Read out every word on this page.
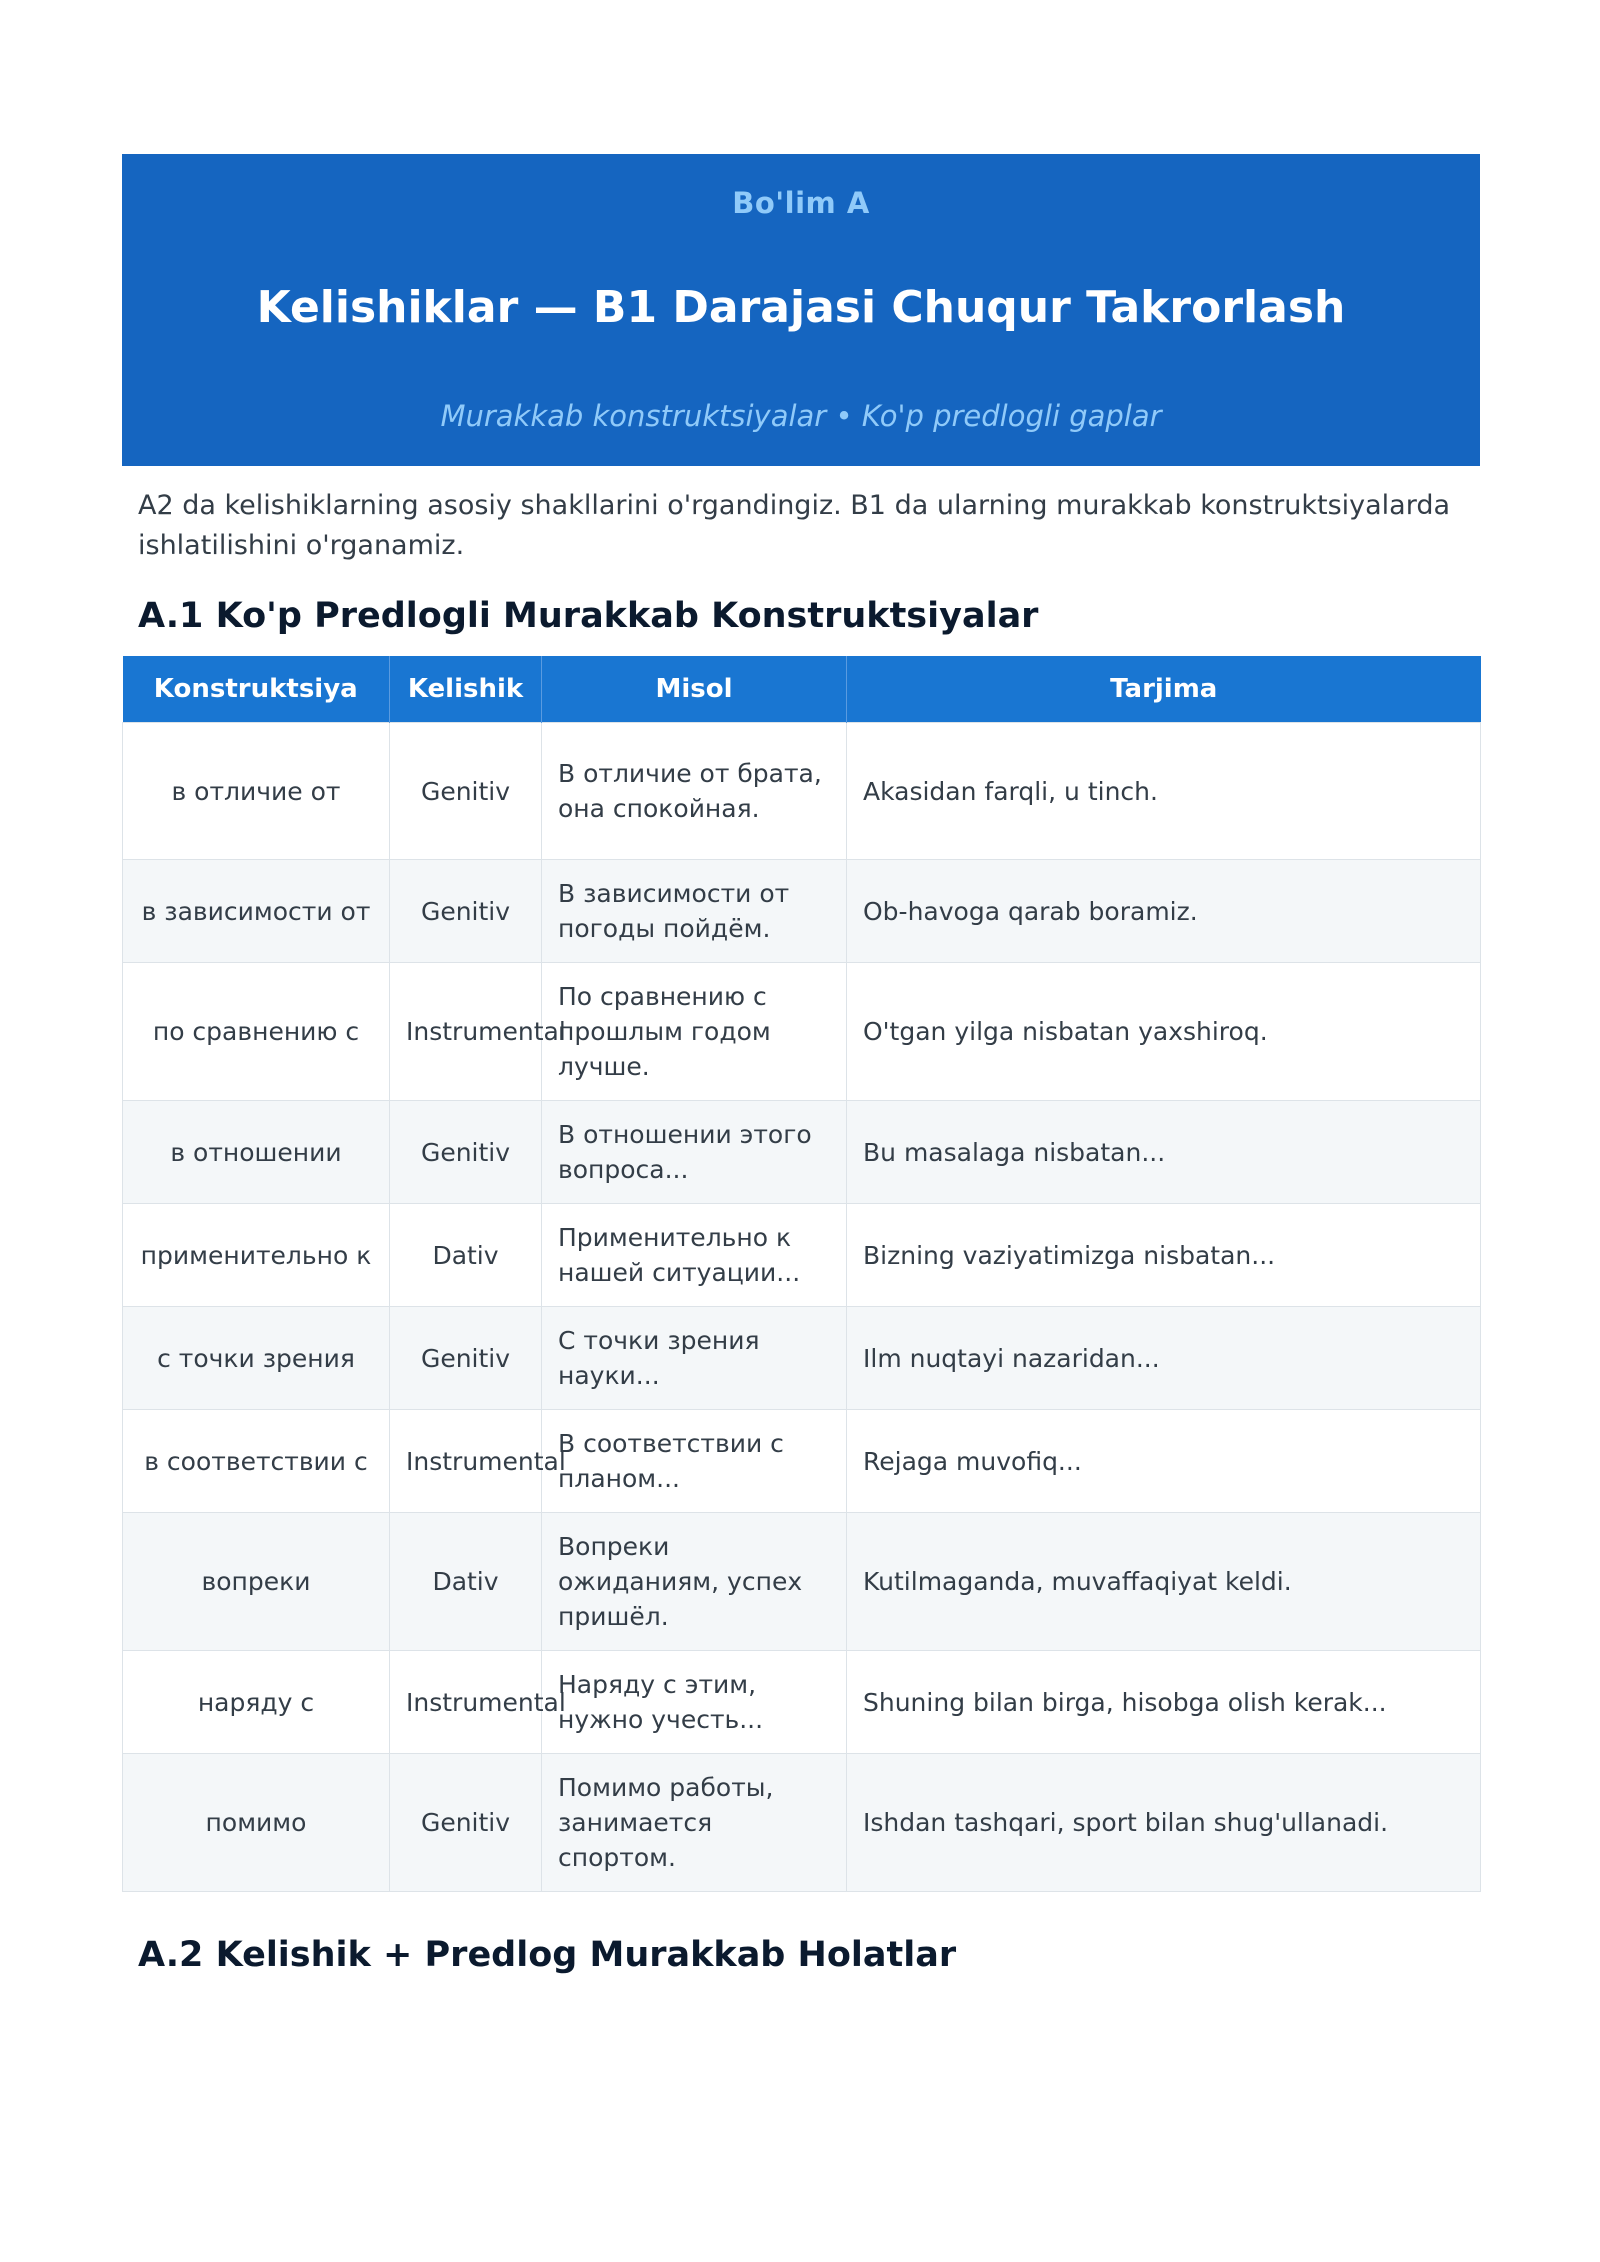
Bo'lim A
Kelishiklar — B1 Darajasi Chuqur Takrorlash
Murakkab konstruktsiyalar • Ko'p predlogli gaplar
A2 da kelishiklarning asosiy shakllarini o'rgandingiz. B1 da ularning murakkab konstruktsiyalarda ishlatilishini o'rganamiz.
A.1 Ko'p Predlogli Murakkab Konstruktsiyalar
Konstruktsiya	Kelishik	Misol	Tarjima
в отличие от	Genitiv	В отличие от брата, она спокойная.	Akasidan farqli, u tinch.
в зависимости от	Genitiv	В зависимости от погоды пойдём.	Ob-havoga qarab boramiz.
по сравнению с	Instrumental	По сравнению с прошлым годом лучше.	O'tgan yilga nisbatan yaxshiroq.
в отношении	Genitiv	В отношении этого вопроса...	Bu masalaga nisbatan...
применительно к	Dativ	Применительно к нашей ситуации...	Bizning vaziyatimizga nisbatan...
с точки зрения	Genitiv	С точки зрения науки...	Ilm nuqtayi nazaridan...
в соответствии с	Instrumental	В соответствии с планом...	Rejaga muvofiq...
вопреки	Dativ	Вопреки ожиданиям, успех пришёл.	Kutilmaganda, muvaffaqiyat keldi.
наряду с	Instrumental	Наряду с этим, нужно учесть...	Shuning bilan birga, hisobga olish kerak...
помимо	Genitiv	Помимо работы, занимается спортом.	Ishdan tashqari, sport bilan shug'ullanadi.
A.2 Kelishik + Predlog Murakkab Holatlar
